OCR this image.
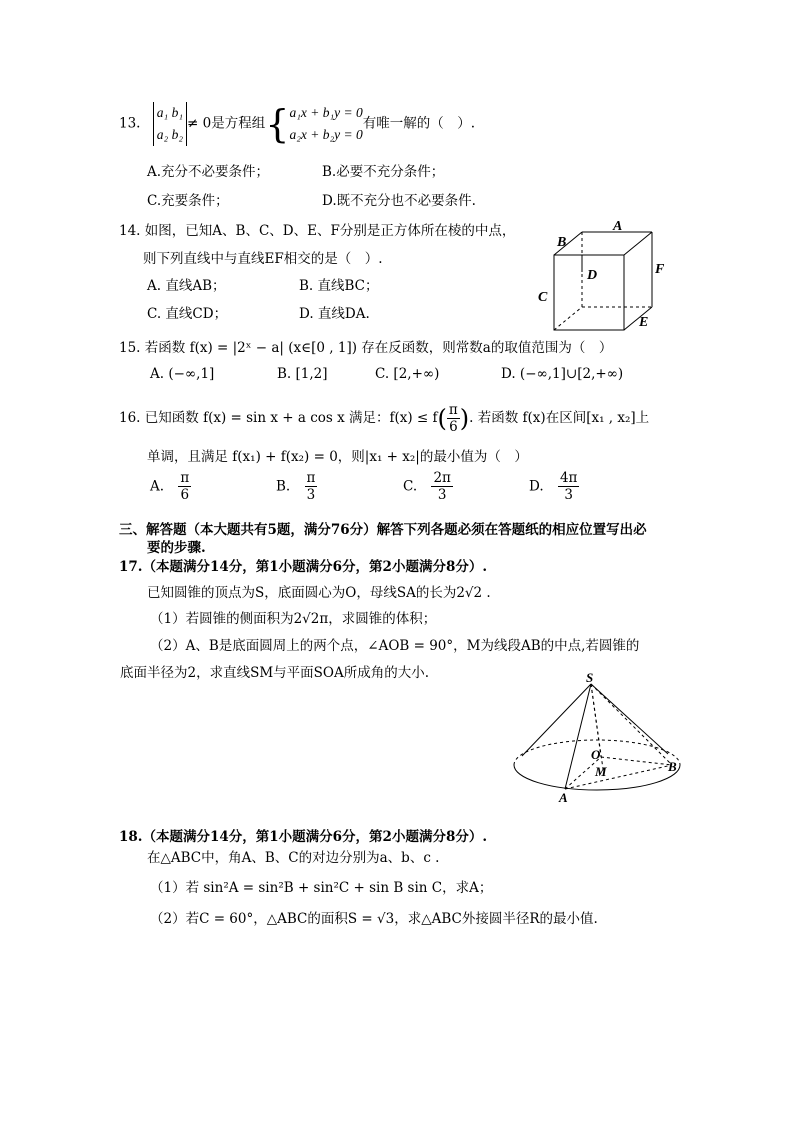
13.
a₁ b₁
a₂ b₂
≠ 0是方程组{ a₁x + b₁y = 0
a₂x + b₂y = 0
有唯一解的（　）.
A.充分不必要条件；	B.必要不充分条件；
C.充要条件；	D.既不充分也不必要条件.
14. 如图，已知A、B、C、D、E、F分别是正方体所在棱的中点，
则下列直线中与直线EF相交的是（　）.
A. 直线AB；	B. 直线BC；
C. 直线CD；	D. 直线DA.
A
B
C
D
E
F
15. 若函数 f(x) = |2ˣ − a| (x∈[0 , 1]) 存在反函数，则常数a的取值范围为（　）
A. (−∞,1]	B. [1,2]	C. [2,+∞)	D. (−∞,1]∪[2,+∞)
16. 已知函数 f(x) = sin x + a cos x 满足：$f(x) \le f( \frac{\pi}{6}$ ). 若函数 f(x)在区间[x₁ , x₂]上
单调，且满足 f(x₁) + f(x₂) = 0，则|x₁ + x₂|的最小值为（　）
A. $\frac{\pi}{6}$	B. $\frac{\pi}{3}$	C. $\frac{2\pi}{3}$	D. $\frac{4\pi}{3}$
三、解答题（本大题共有5题，满分76分）解答下列各题必须在答题纸的相应位置写出必
要的步骤.
17.（本题满分14分，第1小题满分6分，第2小题满分8分）.
已知圆锥的顶点为S，底面圆心为O，母线SA的长为2√2 .
（1）若圆锥的侧面积为2√2π，求圆锥的体积；
（2）A、B是底面圆周上的两个点，∠AOB = 90°，M为线段AB的中点,若圆锥的
底面半径为2，求直线SM与平面SOA所成角的大小.	S
O
M
A
B
18.（本题满分14分，第1小题满分6分，第2小题满分8分）.
在△ABC中，角A、B、C的对边分别为a、b、c .
（1）若 sin²A = sin²B + sin²C + sin B sin C，求A；
（2）若C = 60°，△ABC的面积S = √3，求△ABC外接圆半径R的最小值.
